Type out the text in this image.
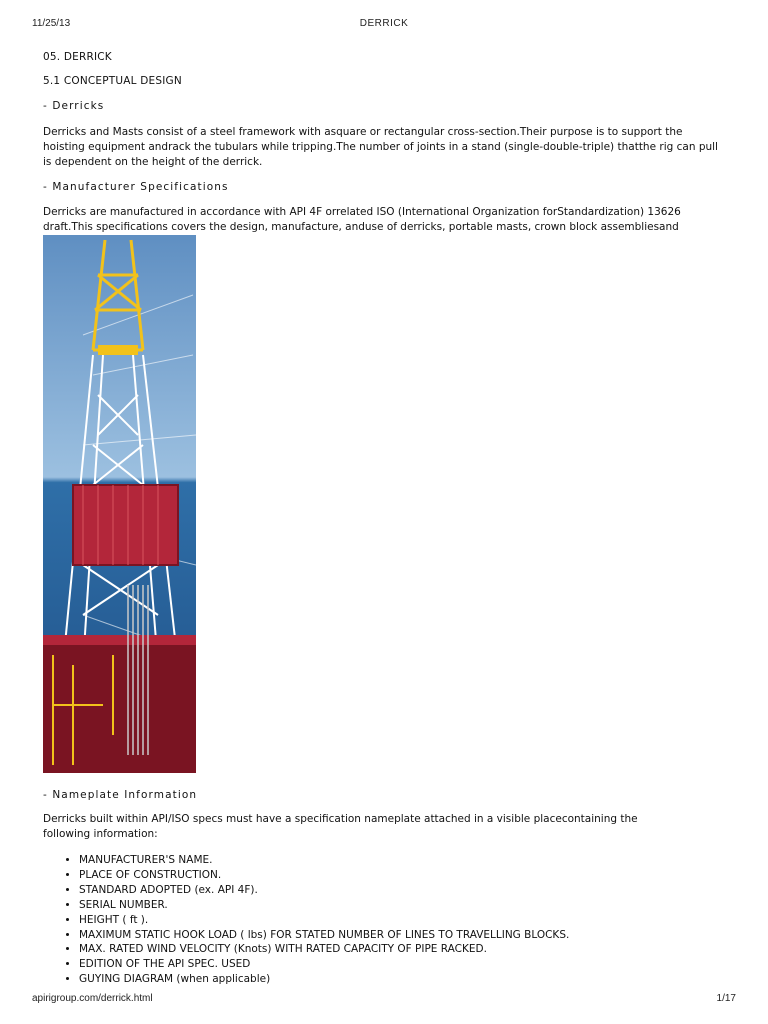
11/25/13	DERRICK

05. DERRICK

5.1 CONCEPTUAL DESIGN

- Derricks

Derricks and Masts consist of a steel framework with asquare or rectangular cross-section.Their purpose is to support the hoisting equipment andrack the tubulars while tripping.The number of joints in a stand (single-double-triple) thatthe rig can pull is dependent on the height of the derrick.

- Manufacturer Specifications

Derricks are manufactured in accordance with API 4F orrelated ISO (International Organization forStandardization) 13626 draft.This specifications covers the design, manufacture, anduse of derricks, portable masts, crown block assembliesand

- Nameplate Information

Derricks built within API/ISO specs must have a specification nameplate attached in a visible placecontaining the following information:

• MANUFACTURER'S NAME.
• PLACE OF CONSTRUCTION.
• STANDARD ADOPTED (ex. API 4F).
• SERIAL NUMBER.
• HEIGHT ( ft ).
• MAXIMUM STATIC HOOK LOAD ( lbs) FOR STATED NUMBER OF LINES TO TRAVELLING BLOCKS.
• MAX. RATED WIND VELOCITY (Knots) WITH RATED CAPACITY OF PIPE RACKED.
• EDITION OF THE API SPEC. USED
• GUYING DIAGRAM (when applicable)
apirigroup.com/derrick.html	1/17
